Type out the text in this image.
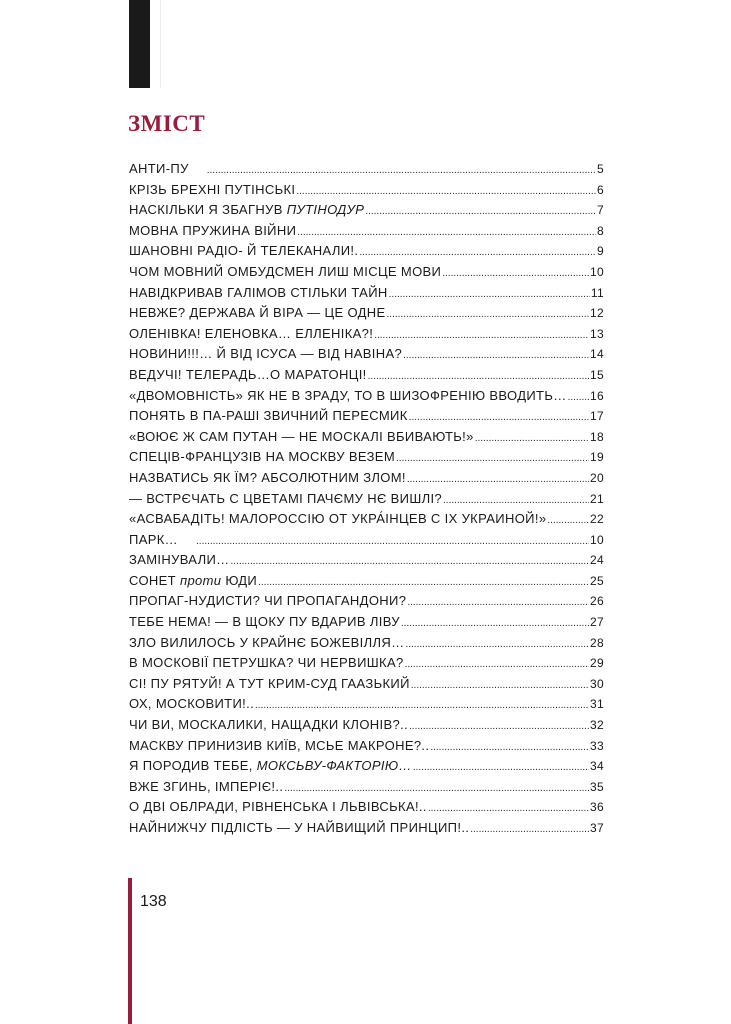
ЗМІСТ
АНТИ-ПУ .....	5
КРІЗЬ БРЕХНІ ПУТІНСЬКІ .....	6
НАСКІЛЬКИ Я ЗБАГНУВ ПУТІНОДУР .....	7
МОВНА ПРУЖИНА ВІЙНИ .....	8
ШАНОВНІ РАДІО- Й ТЕЛЕКАНАЛИ!. .....	9
ЧОМ МОВНИЙ ОМБУДСМЕН ЛИШ МІСЦЕ МОВИ .....	10
НАВІДКРИВАВ ГАЛІМОВ СТІЛЬКИ ТАЙН .....	11
НЕВЖЕ? ДЕРЖАВА Й ВІРА — ЦЕ ОДНЕ .....	12
ОЛЕНІВКА! ЕЛЕНОВКА… ЕЛЛЕНІКА?! .....	13
НОВИНИ!!!… Й ВІД ІСУСА — ВІД НАВІНА? .....	14
ВЕДУЧІ! ТЕЛЕРАДЬ…О МАРАТОНЦІ! .....	15
«ДВОМОВНІСТЬ» ЯК НЕ В ЗРАДУ, ТО В ШИЗОФРЕНІЮ ВВОДИТЬ… ..... 16
ПОНЯТЬ В ПА-РАШІ ЗВИЧНИЙ ПЕРЕСМИК .....	17
«ВОЮЄ Ж САМ ПУТАН — НЕ МОСКАЛІ ВБИВАЮТЬ!» .....	18
СПЕЦІВ-ФРАНЦУЗІВ НА МОСКВУ ВЕЗЕМ .....	19
НАЗВАТИСЬ ЯК ЇМ? АБСОЛЮТНИМ ЗЛОМ! .....	20
— ВСТРЄЧАТЬ С ЦВЕТАМІ ПАЧЄМУ НЄ ВИШЛІ? .....	21
«АСВАБАДІТЬ! МАЛОРОССІЮ ОТ УКРА́ІНЦЕВ С ІХ УКРАИНОЙ!» .....	22
ПАРК… .....	10
ЗАМІНУВАЛИ… .....	24
СОНЕТ проти ЮДИ .....	25
ПРОПАГ-НУДИСТИ? ЧИ ПРОПАГАНДОНИ? .....	26
ТЕБЕ НЕМА! — В ЩОКУ ПУ ВДАРИВ ЛІВУ .....	27
ЗЛО ВИЛИЛОСЬ У КРАЙНЄ БОЖЕВІЛЛЯ… .....	28
В МОСКОВІЇ ПЕТРУШКА? ЧИ НЕРВИШКА? .....	29
СІ! ПУ РЯТУЙ! А ТУТ КРИМ-СУД ГААЗЬКИЙ .....	30
ОХ, МОСКОВИТИ!.. .....	31
ЧИ ВИ, МОСКАЛИКИ, НАЩАДКИ КЛОНІВ?.. .....	32
МАСКВУ ПРИНИЗИВ КИЇВ, МСЬЕ МАКРОНЕ?.. .....	33
Я ПОРОДИВ ТЕБЕ, МОКСЬВУ-ФАКТОРІЮ… .....	34
ВЖЕ ЗГИНЬ, ІМПЕРІЄ!.. .....	35
О ДВІ ОБЛРАДИ, РІВНЕНСЬКА І ЛЬВІВСЬКА!.. .....	36
НАЙНИЖЧУ ПІДЛІСТЬ — У НАЙВИЩИЙ ПРИНЦИП!.. .....	37
138
